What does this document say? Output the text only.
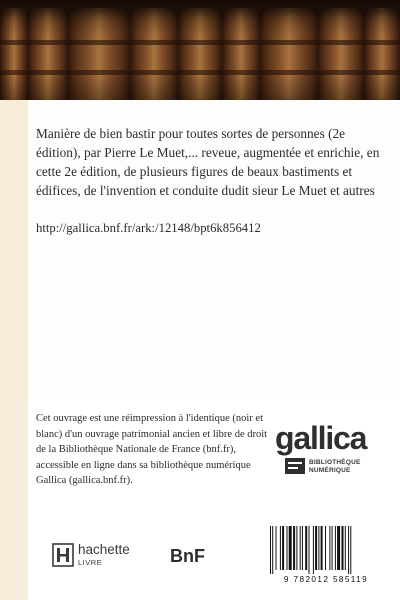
Manière de bien bastir pour toutes sortes de personnes (2e édition), par Pierre Le Muet,... reveue, augmentée et enrichie, en cette 2e édition, de plusieurs figures de beaux bastiments et édifices, de l'invention et conduite dudit sieur Le Muet et autres

http://gallica.bnf.fr/ark:/12148/bpt6k856412

Cet ouvrage est une réimpression à l'identique (noir et blanc) d'un ouvrage patrimonial ancien et libre de droit de la Bibliothèque Nationale de France (bnf.fr), accessible en ligne dans sa bibliothèque numérique Gallica (gallica.bnf.fr).

gallica
BIBLIOTHÈQUE
NUMÉRIQUE
hachette
LIVRE	BnF
9 782012 585119
